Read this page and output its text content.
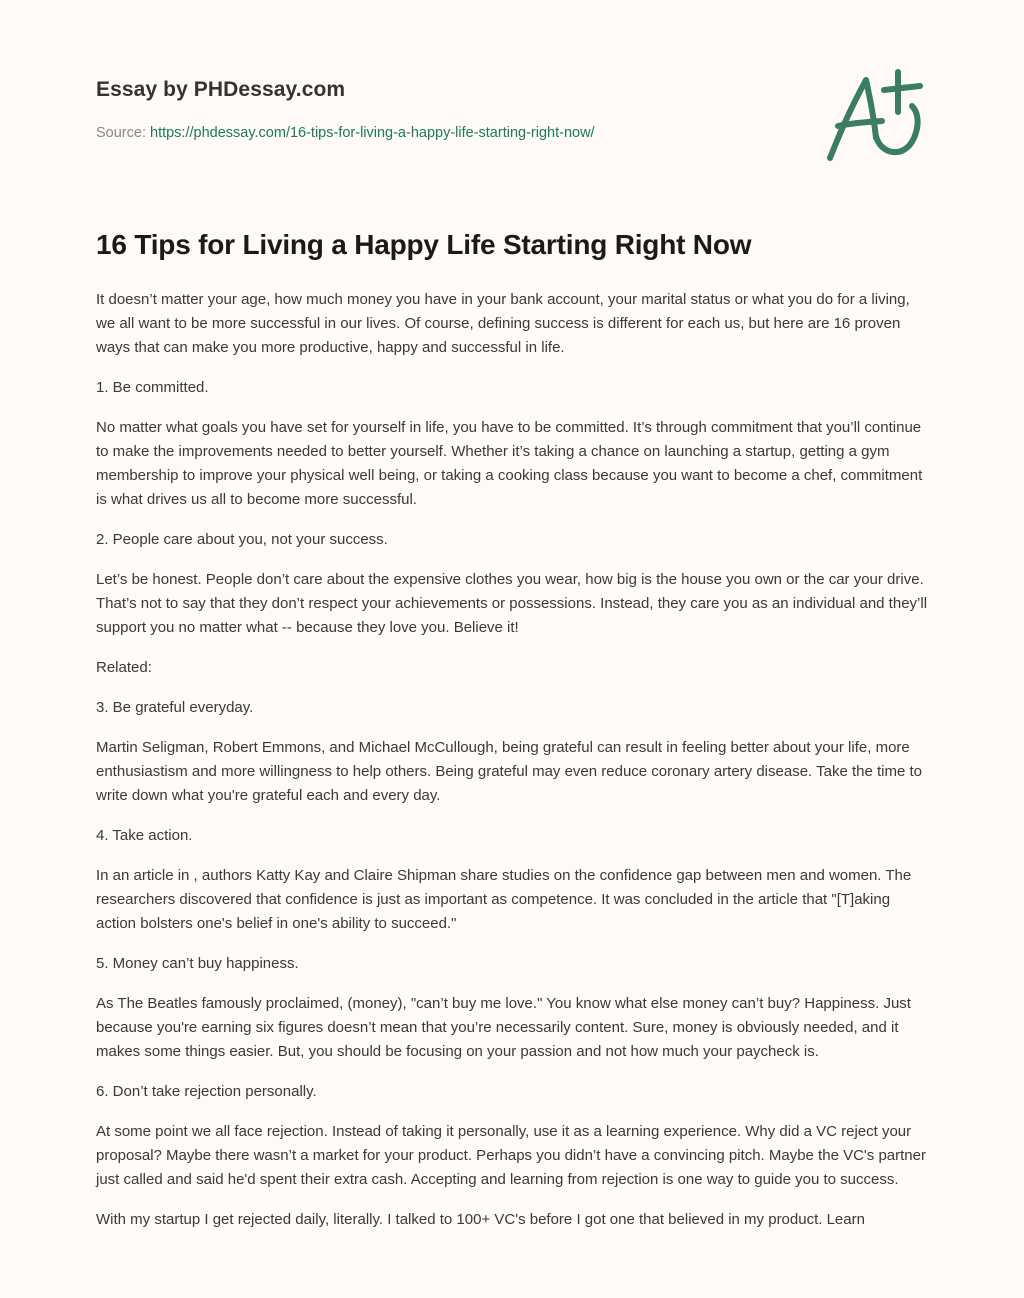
Essay by PHDessay.com
Source: https://phdessay.com/16-tips-for-living-a-happy-life-starting-right-now/
16 Tips for Living a Happy Life Starting Right Now

It doesn’t matter your age, how much money you have in your bank account, your marital status or what you do for a living, we all want to be more successful in our lives. Of course, defining success is different for each us, but here are 16 proven ways that can make you more productive, happy and successful in life.

1. Be committed.

No matter what goals you have set for yourself in life, you have to be committed. It’s through commitment that you’ll continue to make the improvements needed to better yourself. Whether it’s taking a chance on launching a startup, getting a gym membership to improve your physical well being, or taking a cooking class because you want to become a chef, commitment is what drives us all to become more successful.

2. People care about you, not your success.

Let’s be honest. People don’t care about the expensive clothes you wear, how big is the house you own or the car your drive. That’s not to say that they don’t respect your achievements or possessions. Instead, they care you as an individual and they’ll support you no matter what -- because they love you. Believe it!

Related:

3. Be grateful everyday.

Martin Seligman, Robert Emmons, and Michael McCullough, being grateful can result in feeling better about your life, more enthusiastism and more willingness to help others. Being grateful may even reduce coronary artery disease. Take the time to write down what you're grateful each and every day.

4. Take action.

In an article in , authors Katty Kay and Claire Shipman share studies on the confidence gap between men and women. The researchers discovered that confidence is just as important as competence. It was concluded in the article that "[T]aking action bolsters one's belief in one's ability to succeed."

5. Money can’t buy happiness.

As The Beatles famously proclaimed, (money), "can’t buy me love." You know what else money can’t buy? Happiness. Just because you're earning six figures doesn’t mean that you’re necessarily content. Sure, money is obviously needed, and it makes some things easier. But, you should be focusing on your passion and not how much your paycheck is.

6. Don’t take rejection personally.

At some point we all face rejection. Instead of taking it personally, use it as a learning experience. Why did a VC reject your proposal? Maybe there wasn’t a market for your product. Perhaps you didn’t have a convincing pitch. Maybe the VC's partner just called and said he'd spent their extra cash. Accepting and learning from rejection is one way to guide you to success.

With my startup I get rejected daily, literally. I talked to 100+ VC's before I got one that believed in my product. Learn
